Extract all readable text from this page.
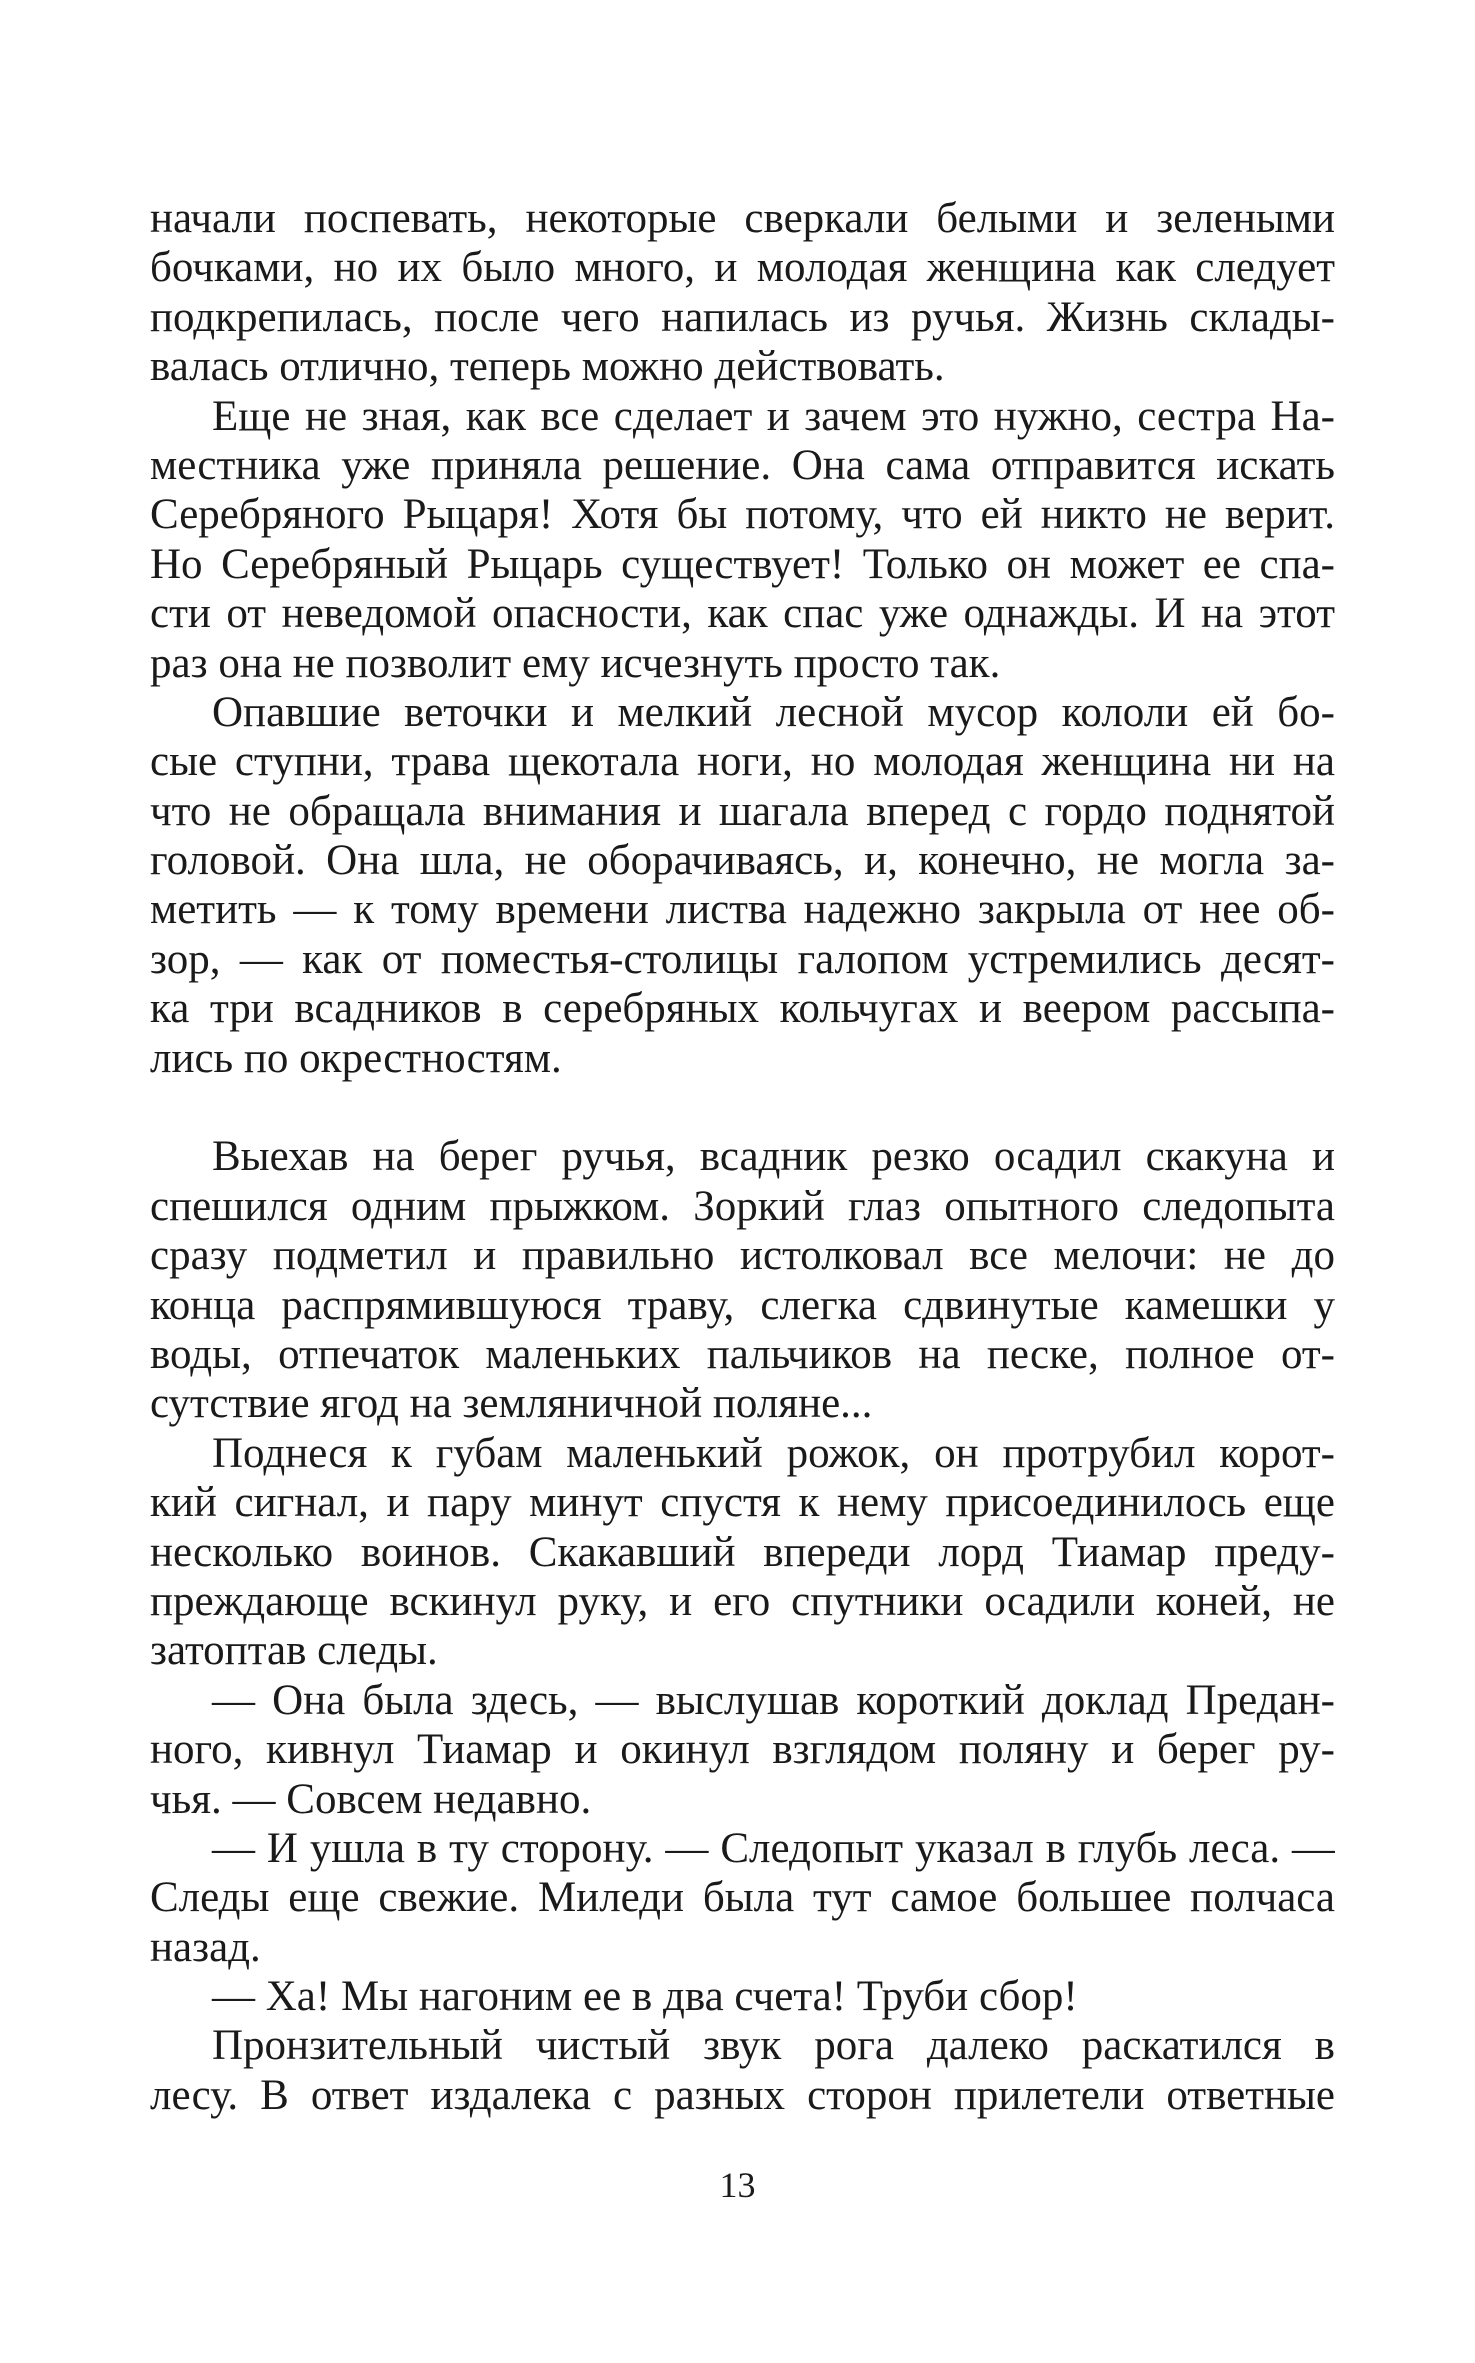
начали поспевать, некоторые сверкали белыми и зелеными
бочками, но их было много, и молодая женщина как следует
подкрепилась, после чего напилась из ручья. Жизнь склады-
валась отлично, теперь можно действовать.
Еще не зная, как все сделает и зачем это нужно, сестра На-
местника уже приняла решение. Она сама отправится искать
Серебряного Рыцаря! Хотя бы потому, что ей никто не верит.
Но Серебряный Рыцарь существует! Только он может ее спа-
сти от неведомой опасности, как спас уже однажды. И на этот
раз она не позволит ему исчезнуть просто так.
Опавшие веточки и мелкий лесной мусор кололи ей бо-
сые ступни, трава щекотала ноги, но молодая женщина ни на
что не обращала внимания и шагала вперед с гордо поднятой
головой. Она шла, не оборачиваясь, и, конечно, не могла за-
метить — к тому времени листва надежно закрыла от нее об-
зор, — как от поместья-столицы галопом устремились десят-
ка три всадников в серебряных кольчугах и веером рассыпа-
лись по окрестностям.
Выехав на берег ручья, всадник резко осадил скакуна и
спешился одним прыжком. Зоркий глаз опытного следопыта
сразу подметил и правильно истолковал все мелочи: не до
конца распрямившуюся траву, слегка сдвинутые камешки у
воды, отпечаток маленьких пальчиков на песке, полное от-
сутствие ягод на земляничной поляне...
Поднеся к губам маленький рожок, он протрубил корот-
кий сигнал, и пару минут спустя к нему присоединилось еще
несколько воинов. Скакавший впереди лорд Тиамар преду-
преждающе вскинул руку, и его спутники осадили коней, не
затоптав следы.
— Она была здесь, — выслушав короткий доклад Предан-
ного, кивнул Тиамар и окинул взглядом поляну и берег ру-
чья. — Совсем недавно.
— И ушла в ту сторону. — Следопыт указал в глубь леса. —
Следы еще свежие. Миледи была тут самое большее полчаса
назад.
— Ха! Мы нагоним ее в два счета! Труби сбор!
Пронзительный чистый звук рога далеко раскатился в
лесу. В ответ издалека с разных сторон прилетели ответные
13
